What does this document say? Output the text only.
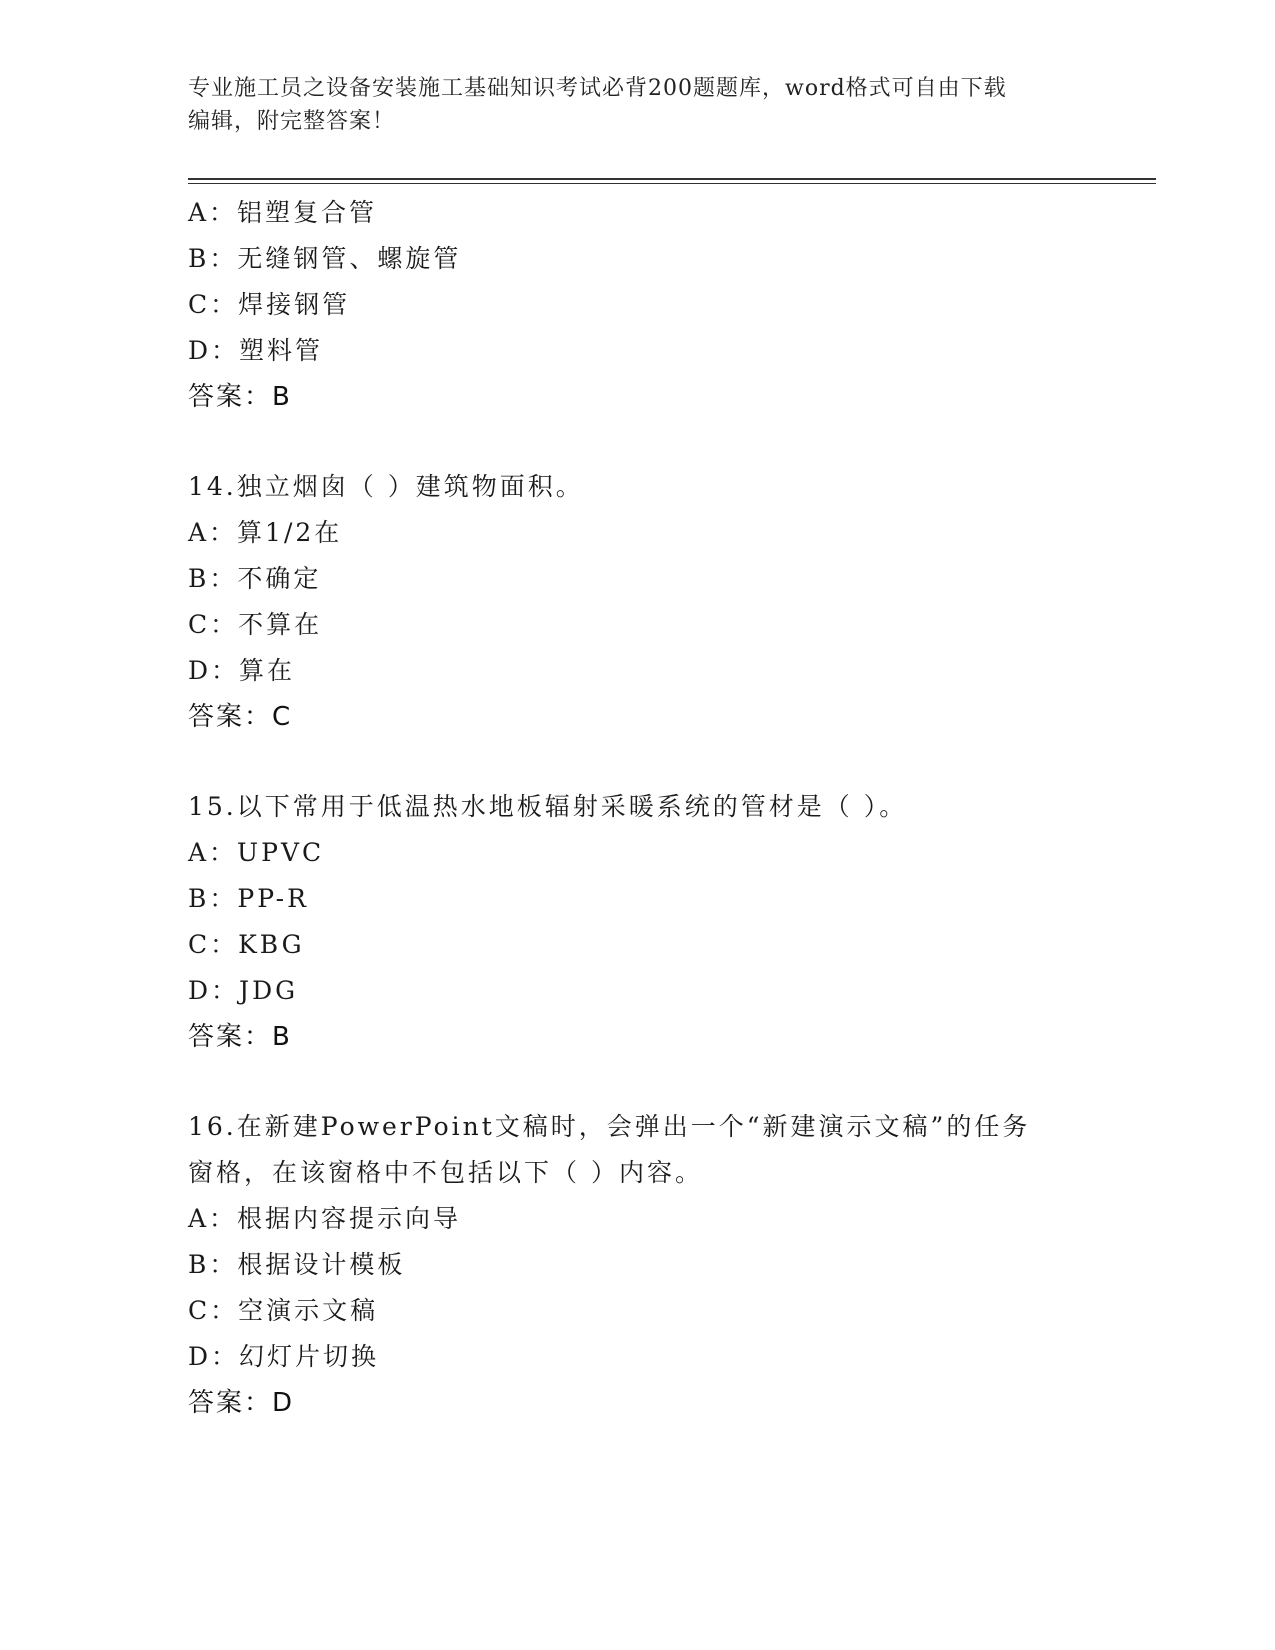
专业施工员之设备安装施工基础知识考试必背200题题库，word格式可自由下载
编辑，附完整答案！
A：铝塑复合管
B：无缝钢管、螺旋管
C：焊接钢管
D：塑料管
答案：B
14.独立烟囱（ ）建筑物面积。
A：算1/2在
B：不确定
C：不算在
D：算在
答案：C
15.以下常用于低温热水地板辐射采暖系统的管材是（ ）。
A：UPVC
B：PP-R
C：KBG
D：JDG
答案：B
16.在新建PowerPoint文稿时，会弹出一个“新建演示文稿”的任务
窗格，在该窗格中不包括以下（ ）内容。
A：根据内容提示向导
B：根据设计模板
C：空演示文稿
D：幻灯片切换
答案：D
